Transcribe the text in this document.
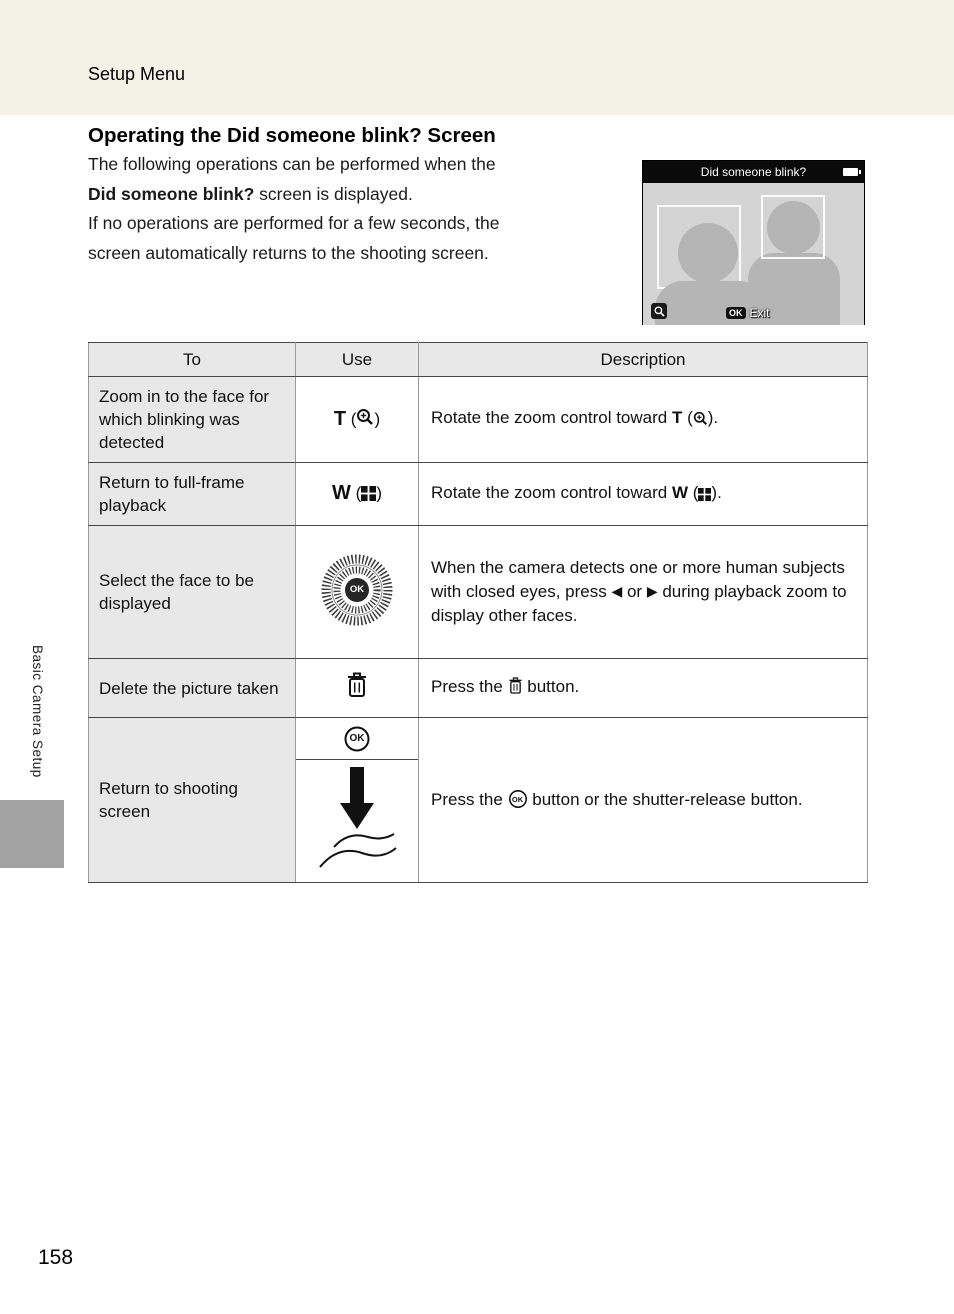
Setup Menu
Operating the Did someone blink? Screen

The following operations can be performed when the
Did someone blink? screen is displayed.
If no operations are performed for a few seconds, the
screen automatically returns to the shooting screen.

Did someone blink?
OK Exit
To	Use	Description
Zoom in to the face for which blinking was detected	T ( )	Rotate the zoom control toward T ( ).
Return to full-frame playback	W ( )	Rotate the zoom control toward W ( ).
Select the face to be displayed	OK	When the camera detects one or more human subjects with closed eyes, press ◀ or ▶ during playback zoom to display other faces.
Delete the picture taken		Press the  button.
Return to shooting screen	OK	Press the OK button or the shutter-release button.
Basic Camera Setup
158
